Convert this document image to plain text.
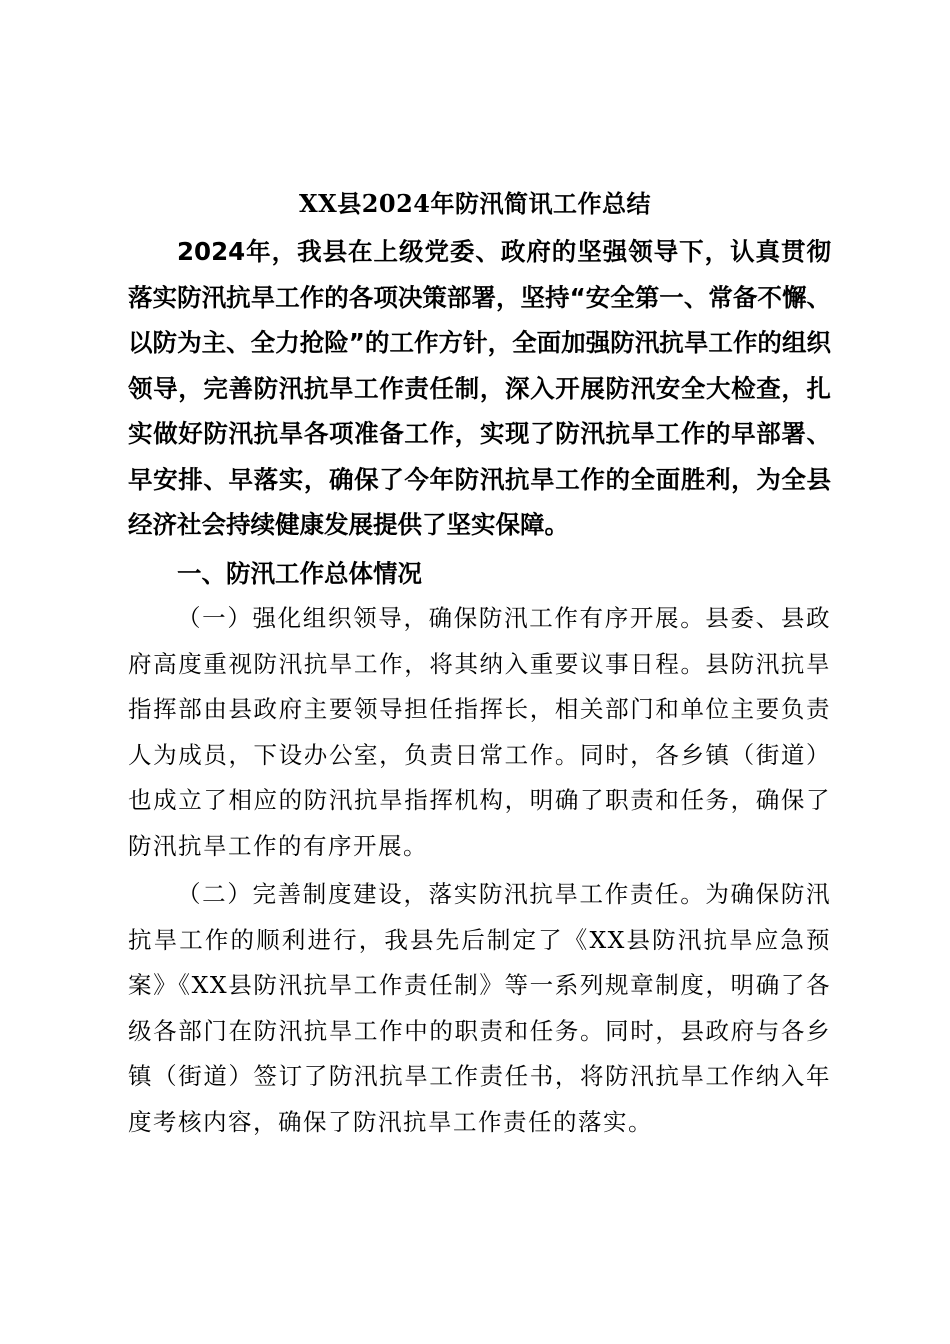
XX县2024年防汛简讯工作总结

2024年，我县在上级党委、政府的坚强领导下，认真贯彻落实防汛抗旱工作的各项决策部署，坚持“安全第一、常备不懈、以防为主、全力抢险”的工作方针，全面加强防汛抗旱工作的组织领导，完善防汛抗旱工作责任制，深入开展防汛安全大检查，扎实做好防汛抗旱各项准备工作，实现了防汛抗旱工作的早部署、早安排、早落实，确保了今年防汛抗旱工作的全面胜利，为全县经济社会持续健康发展提供了坚实保障。

一、防汛工作总体情况

（一）强化组织领导，确保防汛工作有序开展。县委、县政府高度重视防汛抗旱工作，将其纳入重要议事日程。县防汛抗旱指挥部由县政府主要领导担任指挥长，相关部门和单位主要负责人为成员，下设办公室，负责日常工作。同时，各乡镇（街道）也成立了相应的防汛抗旱指挥机构，明确了职责和任务，确保了防汛抗旱工作的有序开展。

（二）完善制度建设，落实防汛抗旱工作责任。为确保防汛抗旱工作的顺利进行，我县先后制定了《XX县防汛抗旱应急预案》《XX县防汛抗旱工作责任制》等一系列规章制度，明确了各级各部门在防汛抗旱工作中的职责和任务。同时，县政府与各乡镇（街道）签订了防汛抗旱工作责任书，将防汛抗旱工作纳入年度考核内容，确保了防汛抗旱工作责任的落实。
